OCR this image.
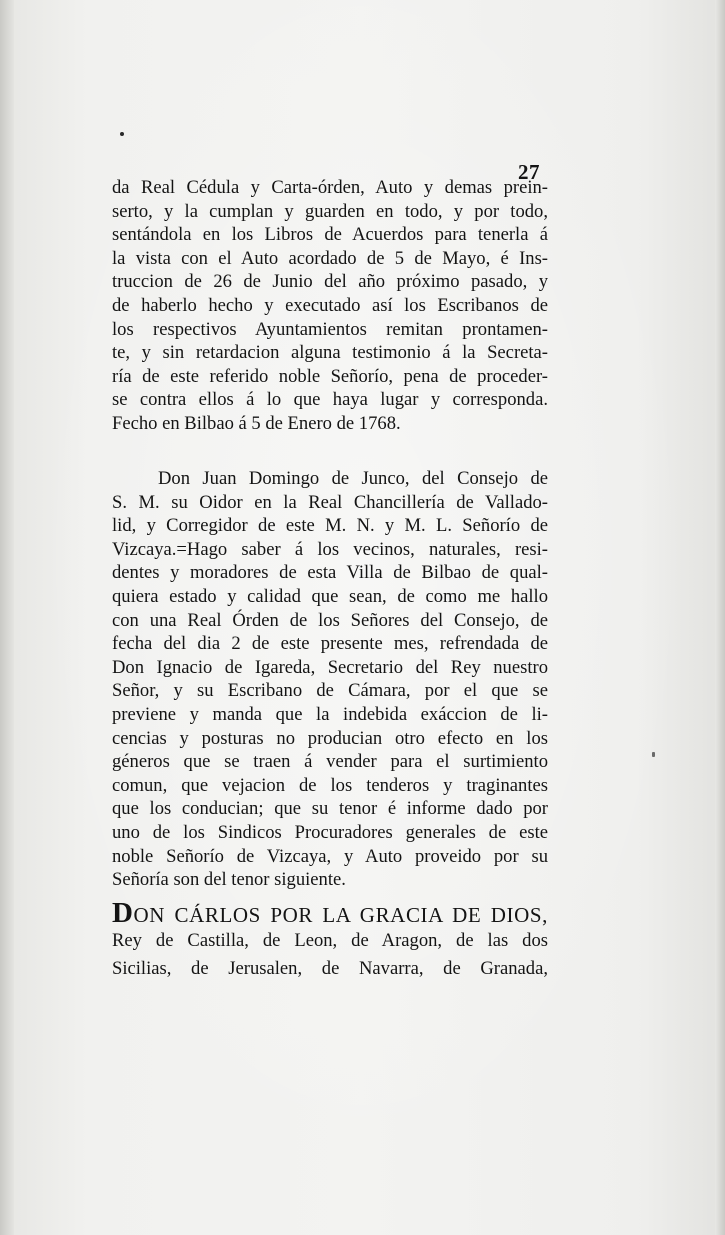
27
da Real Cédula y Carta-órden, Auto y demas prein-
serto, y la cumplan y guarden en todo, y por todo,
sentándola en los Libros de Acuerdos para tenerla á
la vista con el Auto acordado de 5 de Mayo, é Ins-
truccion de 26 de Junio del año próximo pasado, y
de haberlo hecho y executado así los Escribanos de
los respectivos Ayuntamientos remitan prontamen-
te, y sin retardacion alguna testimonio á la Secreta-
ría de este referido noble Señorío, pena de proceder-
se contra ellos á lo que haya lugar y corresponda.
Fecho en Bilbao á 5 de Enero de 1768.
Don Juan Domingo de Junco, del Consejo de
S. M. su Oidor en la Real Chancillería de Vallado-
lid, y Corregidor de este M. N. y M. L. Señorío de
Vizcaya.=Hago saber á los vecinos, naturales, resi-
dentes y moradores de esta Villa de Bilbao de qual-
quiera estado y calidad que sean, de como me hallo
con una Real Órden de los Señores del Consejo, de
fecha del dia 2 de este presente mes, refrendada de
Don Ignacio de Igareda, Secretario del Rey nuestro
Señor, y su Escribano de Cámara, por el que se
previene y manda que la indebida exáccion de li-
cencias y posturas no producian otro efecto en los
géneros que se traen á vender para el surtimiento
comun, que vejacion de los tenderos y traginantes
que los conducian; que su tenor é informe dado por
uno de los Sindicos Procuradores generales de este
noble Señorío de Vizcaya, y Auto proveido por su
Señoría son del tenor siguiente.
DON CÁRLOS POR LA GRACIA DE DIOS,
Rey de Castilla, de Leon, de Aragon, de las dos
Sicilias, de Jerusalen, de Navarra, de Granada,
